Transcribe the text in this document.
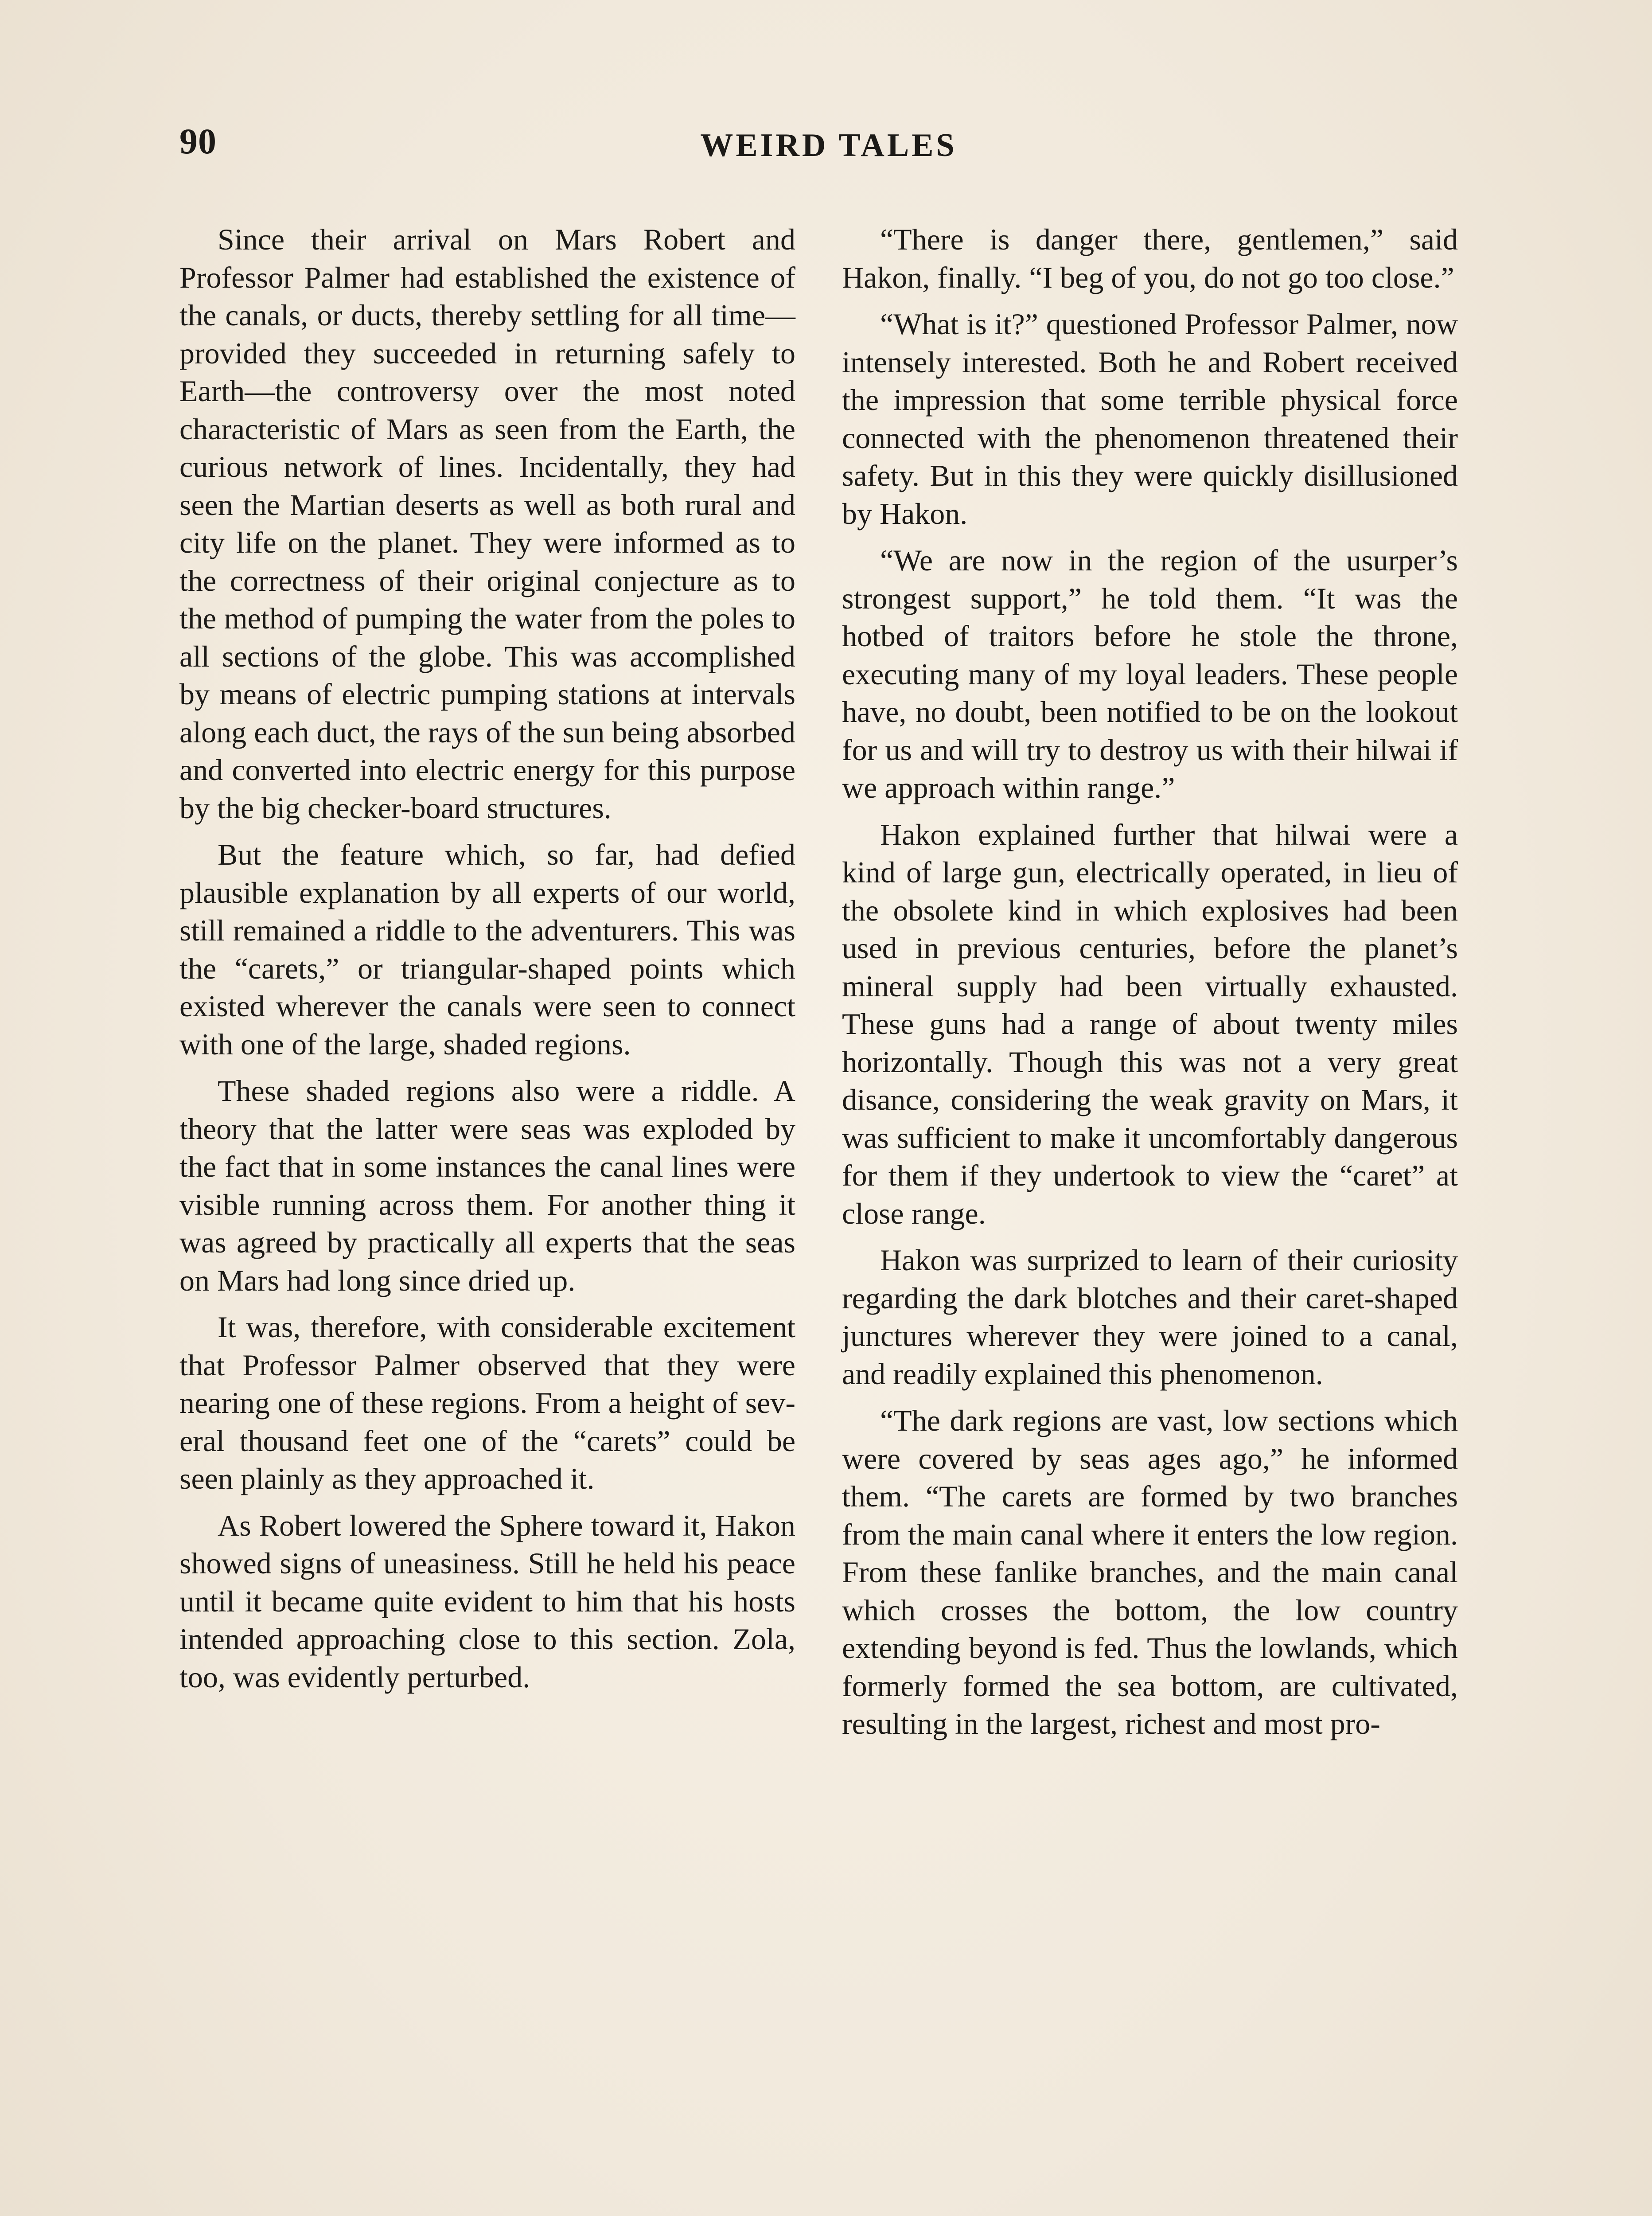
90	WEIRD TALES

Since their arrival on Mars Robert and Professor Palmer had established the existence of the canals, or ducts, thereby settling for all time—provided they succeeded in returning safely to Earth—the controversy over the most noted characteristic of Mars as seen from the Earth, the curious network of lines. Incidentally, they had seen the Martian deserts as well as both rural and city life on the planet. They were informed as to the correctness of their original conjecture as to the method of pumping the water from the poles to all sections of the globe. This was accomplished by means of electric pumping stations at intervals along each duct, the rays of the sun being absorbed and converted into electric energy for this purpose by the big checker-board structures.

But the feature which, so far, had defied plausible explanation by all experts of our world, still remained a riddle to the adventurers. This was the “carets,” or triangular-shaped points which existed wherever the canals were seen to connect with one of the large, shaded regions.

These shaded regions also were a riddle. A theory that the latter were seas was exploded by the fact that in some instances the canal lines were visible running across them. For another thing it was agreed by practically all experts that the seas on Mars had long since dried up.

It was, therefore, with considerable excitement that Professor Palmer observed that they were nearing one of these regions. From a height of several thousand feet one of the “carets” could be seen plainly as they approached it.

As Robert lowered the Sphere toward it, Hakon showed signs of uneasiness. Still he held his peace until it became quite evident to him that his hosts intended approaching close to this section. Zola, too, was evidently perturbed.

“There is danger there, gentlemen,” said Hakon, finally. “I beg of you, do not go too close.”

“What is it?” questioned Professor Palmer, now intensely interested. Both he and Robert received the impression that some terrible physical force connected with the phenomenon threatened their safety. But in this they were quickly disillusioned by Hakon.

“We are now in the region of the usurper’s strongest support,” he told them. “It was the hotbed of traitors before he stole the throne, executing many of my loyal leaders. These people have, no doubt, been notified to be on the lookout for us and will try to destroy us with their hilwai if we approach within range.”

Hakon explained further that hilwai were a kind of large gun, electrically operated, in lieu of the obsolete kind in which explosives had been used in previous centuries, before the planet’s mineral supply had been virtually exhausted. These guns had a range of about twenty miles horizontally. Though this was not a very great disance, considering the weak gravity on Mars, it was sufficient to make it uncomfortably dangerous for them if they undertook to view the “caret” at close range.

Hakon was surprized to learn of their curiosity regarding the dark blotches and their caret-shaped junctures wherever they were joined to a canal, and readily explained this phenomenon.

“The dark regions are vast, low sections which were covered by seas ages ago,” he informed them. “The carets are formed by two branches from the main canal where it enters the low region. From these fanlike branches, and the main canal which crosses the bottom, the low country extending beyond is fed. Thus the lowlands, which formerly formed the sea bottom, are cultivated, resulting in the largest, richest and most pro-
